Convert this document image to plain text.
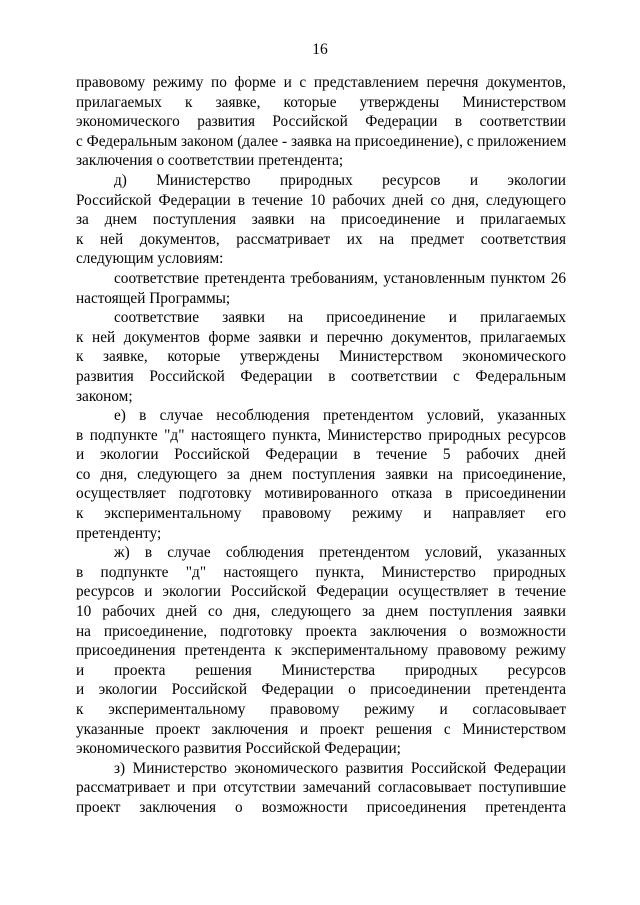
16
правовому режиму по форме и с представлением перечня документов,
прилагаемых к заявке, которые утверждены Министерством
экономического развития Российской Федерации в соответствии
с Федеральным законом (далее - заявка на присоединение), с приложением
заключения о соответствии претендента;
д) Министерство природных ресурсов и экологии
Российской Федерации в течение 10 рабочих дней со дня, следующего
за днем поступления заявки на присоединение и прилагаемых
к ней документов, рассматривает их на предмет соответствия
следующим условиям:
соответствие претендента требованиям, установленным пунктом 26
настоящей Программы;
соответствие заявки на присоединение и прилагаемых
к ней документов форме заявки и перечню документов, прилагаемых
к заявке, которые утверждены Министерством экономического
развития Российской Федерации в соответствии с Федеральным
законом;
е) в случае несоблюдения претендентом условий, указанных
в подпункте "д" настоящего пункта, Министерство природных ресурсов
и экологии Российской Федерации в течение 5 рабочих дней
со дня, следующего за днем поступления заявки на присоединение,
осуществляет подготовку мотивированного отказа в присоединении
к экспериментальному правовому режиму и направляет его
претенденту;
ж) в случае соблюдения претендентом условий, указанных
в подпункте "д" настоящего пункта, Министерство природных
ресурсов и экологии Российской Федерации осуществляет в течение
10 рабочих дней со дня, следующего за днем поступления заявки
на присоединение, подготовку проекта заключения о возможности
присоединения претендента к экспериментальному правовому режиму
и проекта решения Министерства природных ресурсов
и экологии Российской Федерации о присоединении претендента
к экспериментальному правовому режиму и согласовывает
указанные проект заключения и проект решения с Министерством
экономического развития Российской Федерации;
з) Министерство экономического развития Российской Федерации
рассматривает и при отсутствии замечаний согласовывает поступившие
проект заключения о возможности присоединения претендента
